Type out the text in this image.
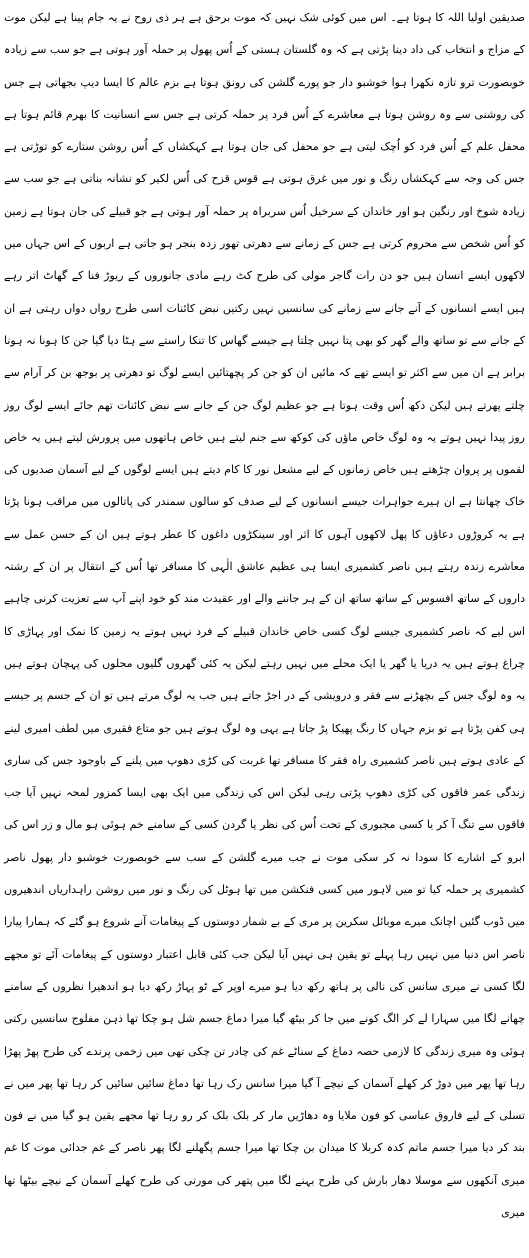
صدیقین اولیا اللہ کا ہوتا ہے۔ اس میں کوئی شک نہیں کہ موت برحق ہے ہر ذی روح نے یہ جام پینا ہے لیکن موت کے مزاج و انتخاب کی داد دینا پڑتی ہے کہ وہ گلستان ہستی کے اُس پھول پر حملہ آور ہوتی ہے جو سب سے زیادہ خوبصورت ترو تازہ نکھرا ہوا خوشبو دار جو پورے گلشن کی رونق ہوتا ہے بزم عالم کا ایسا دیپ بجھاتی ہے جس کی روشنی سے وہ روشن ہوتا ہے معاشرے کے اُس فرد پر حملہ کرتی ہے جس سے انسانیت کا بھرم قائم ہوتا ہے محفل علم کے اُس فرد کو اُچک لیتی ہے جو محفل کی جان ہوتا ہے کہکشاں کے اُس روشن ستارے کو توڑتی ہے جس کی وجہ سے کہکشاں رنگ و نور میں غرق ہوتی ہے قوس قزح کی اُس لکیر کو نشانہ بناتی ہے جو سب سے زیادہ شوخ اور رنگین ہو اور خاندان کے سرخیل اُس سربراہ پر حملہ آور ہوتی ہے جو قبیلے کی جان ہوتا ہے زمین کو اُس شخص سے محروم کرتی ہے جس کے زمانے سے دھرتی تھور زدہ بنجر ہو جاتی ہے اربوں کے اس جہاں میں لاکھوں ایسے انسان ہیں جو دن رات گاجر مولی کی طرح کٹ رہے مادی جانوروں کے ریوڑ فنا کے گھاٹ اتر رہے ہیں ایسے انسانوں کے آنے جانے سے زمانے کی سانسیں نہیں رکتیں نبض کائنات اسی طرح رواں دواں رہتی ہے ان کے جانے سے تو ساتھ والے گھر کو بھی پتا نہیں چلتا ہے جیسے گھاس کا تنکا راستے سے ہٹا دیا گیا جن کا ہونا نہ ہونا برابر ہے ان میں سے اکثر تو ایسے تھے کہ مائیں ان کو جن کر پچھتائیں ایسے لوگ تو دھرتی پر بوجھ بن کر آرام سے چلتے پھرتے ہیں لیکن دکھ اُس وقت ہوتا ہے جو عظیم لوگ جن کے جانے سے نبض کائنات تھم جائے ایسے لوگ روز روز پیدا نہیں ہوتے یہ وہ لوگ خاص ماؤں کی کوکھ سے جنم لیتے ہیں خاص ہاتھوں میں پرورش لیتے ہیں یہ خاص لقموں پر پروان چڑھتے ہیں خاص زمانوں کے لیے مشعل نور کا کام دیتے ہیں ایسے لوگوں کے لیے آسمان صدیوں کی خاک چھانتا ہے ان ہیرے جواہرات جیسے انسانوں کے لیے صدف کو سالوں سمندر کی پاتالوں میں مراقب ہونا پڑتا ہے یہ کروڑوں دعاؤں کا پھل لاکھوں آہوں کا اثر اور سینکڑوں داغوں کا عطر ہوتے ہیں ان کے حسن عمل سے معاشرے زندہ رہتے ہیں ناصر کشمیری ایسا ہی عظیم عاشق الٰہی کا مسافر تھا اُس کے انتقال پر ان کے رشتہ داروں کے ساتھ افسوس کے ساتھ ساتھ ان کے ہر جاننے والے اور عقیدت مند کو خود اپنے آپ سے تعزیت کرنی چاہیے اس لیے کہ ناصر کشمیری جیسے لوگ کسی خاص خاندان قبیلے کے فرد نہیں ہوتے یہ زمین کا نمک اور پہاڑی کا چراغ ہوتے ہیں یہ دریا یا گھر یا ایک محلے میں نہیں رہتے لیکن یہ کئی گھروں گلیوں محلوں کی پہچان ہوتے ہیں یہ وہ لوگ جس کے بچھڑنے سے فقر و درویشی کے در اجڑ جاتے ہیں جب یہ لوگ مرتے ہیں تو ان کے جسم پر جیسے ہی کفن پڑتا ہے تو بزم جہاں کا رنگ پھیکا پڑ جاتا ہے یہی وہ لوگ ہوتے ہیں جو متاع فقیری میں لطف امیری لینے کے عادی ہوتے ہیں ناصر کشمیری راہ فقر کا مسافر تھا غربت کی کڑی دھوپ میں پلنے کے باوجود جس کی ساری زندگی عمر فاقوں کی کڑی دھوپ پڑتی رہی لیکن اس کی زندگی میں ایک بھی ایسا کمزور لمحہ نہیں آیا جب فاقوں سے تنگ آ کر یا کسی مجبوری کے تحت اُس کی نظر یا گردن کسی کے سامنے خم ہوئی ہو مال و زر اس کی ابرو کے اشارے کا سودا نہ کر سکی موت نے جب میرے گلشن کے سب سے خوبصورت خوشبو دار پھول ناصر کشمیری پر حملہ کیا تو میں لاہور میں کسی فنکشن میں تھا ہوٹل کی رنگ و نور میں روشن راہداریاں اندھیروں میں ڈوب گئیں اچانک میرے موبائل سکرین پر مری کے بے شمار دوستوں کے پیغامات آنے شروع ہو گئے کہ ہمارا پیارا ناصر اس دنیا میں نہیں رہا پہلے تو یقین ہی نہیں آیا لیکن جب کئی قابل اعتبار دوستوں کے پیغامات آئے تو مجھے لگا کسی نے میری سانس کی نالی پر ہاتھ رکھ دیا ہو میرے اوپر کے ٹو پہاڑ رکھ دیا ہو اندھیرا نظروں کے سامنے چھانے لگا میں سہارا لے کر الگ کونے میں جا کر بیٹھ گیا میرا دماغ جسم شل ہو چکا تھا ذہن مفلوج سانسیں رکتی ہوئی وہ میری زندگی کا لازمی حصہ دماغ کے سناٹے غم کی چادر تن چکی تھی میں زخمی پرندے کی طرح پھڑ پھڑا رہا تھا پھر میں دوڑ کر کھلے آسمان کے نیچے آ گیا میرا سانس رک رہا تھا دماغ سائیں سائیں کر رہا تھا پھر میں نے تسلی کے لیے فاروق عباسی کو فون ملایا وہ دھاڑیں مار کر بلک بلک کر رو رہا تھا مجھے یقین ہو گیا میں نے فون بند کر دیا میرا جسم ماتم کدہ کربلا کا میدان بن چکا تھا میرا جسم پگھلنے لگا پھر ناصر کے غم جدائی موت کا غم میری آنکھوں سے موسلا دھار بارش کی طرح بہنے لگا میں پتھر کی مورتی کی طرح کھلے آسمان کے نیچے بیٹھا تھا میری
